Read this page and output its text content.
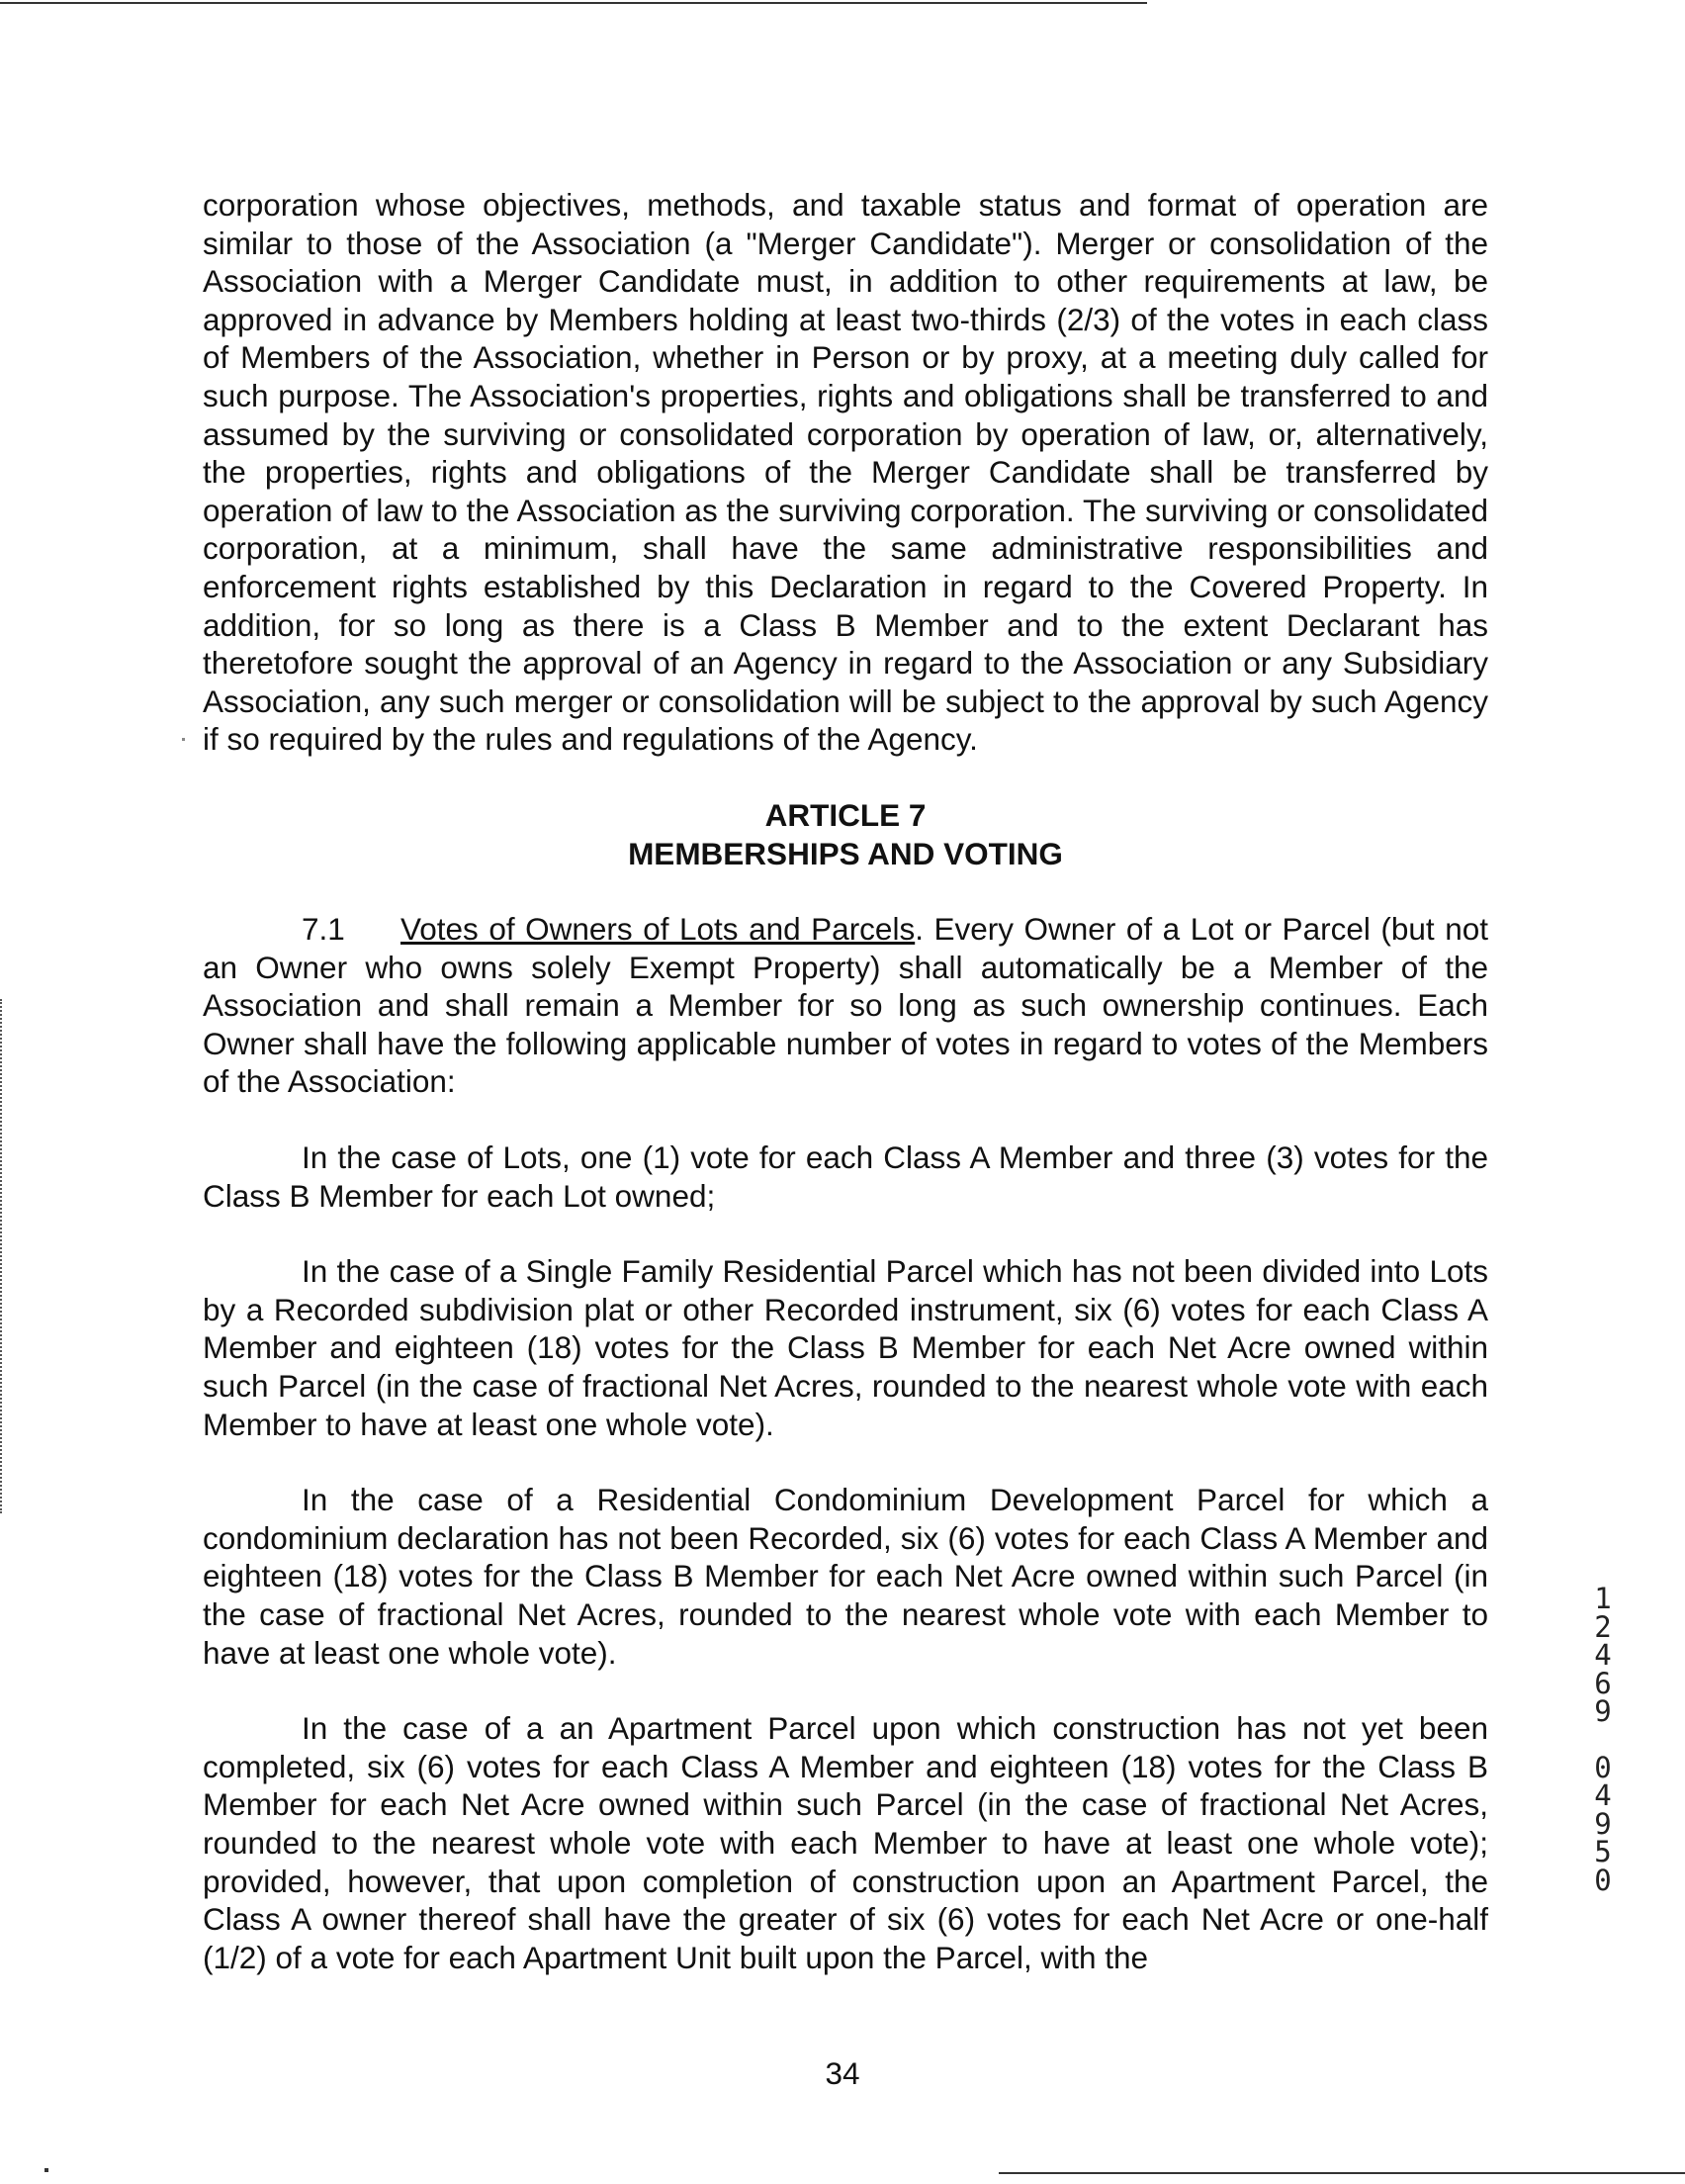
corporation whose objectives, methods, and taxable status and format of operation are similar to those of the Association (a "Merger Candidate"). Merger or consolidation of the Association with a Merger Candidate must, in addition to other requirements at law, be approved in advance by Members holding at least two-thirds (2/3) of the votes in each class of Members of the Association, whether in Person or by proxy, at a meeting duly called for such purpose. The Association's properties, rights and obligations shall be transferred to and assumed by the surviving or consolidated corporation by operation of law, or, alternatively, the properties, rights and obligations of the Merger Candidate shall be transferred by operation of law to the Association as the surviving corporation. The surviving or consolidated corporation, at a minimum, shall have the same administrative responsibilities and enforcement rights established by this Declaration in regard to the Covered Property. In addition, for so long as there is a Class B Member and to the extent Declarant has theretofore sought the approval of an Agency in regard to the Association or any Subsidiary Association, any such merger or consolidation will be subject to the approval by such Agency if so required by the rules and regulations of the Agency.

ARTICLE 7
MEMBERSHIPS AND VOTING

7.1 Votes of Owners of Lots and Parcels. Every Owner of a Lot or Parcel (but not an Owner who owns solely Exempt Property) shall automatically be a Member of the Association and shall remain a Member for so long as such ownership continues. Each Owner shall have the following applicable number of votes in regard to votes of the Members of the Association:

In the case of Lots, one (1) vote for each Class A Member and three (3) votes for the Class B Member for each Lot owned;

In the case of a Single Family Residential Parcel which has not been divided into Lots by a Recorded subdivision plat or other Recorded instrument, six (6) votes for each Class A Member and eighteen (18) votes for the Class B Member for each Net Acre owned within such Parcel (in the case of fractional Net Acres, rounded to the nearest whole vote with each Member to have at least one whole vote).

In the case of a Residential Condominium Development Parcel for which a condominium declaration has not been Recorded, six (6) votes for each Class A Member and eighteen (18) votes for the Class B Member for each Net Acre owned within such Parcel (in the case of fractional Net Acres, rounded to the nearest whole vote with each Member to have at least one whole vote).

In the case of a an Apartment Parcel upon which construction has not yet been completed, six (6) votes for each Class A Member and eighteen (18) votes for the Class B Member for each Net Acre owned within such Parcel (in the case of fractional Net Acres, rounded to the nearest whole vote with each Member to have at least one whole vote); provided, however, that upon completion of construction upon an Apartment Parcel, the Class A owner thereof shall have the greater of six (6) votes for each Net Acre or one-half (1/2) of a vote for each Apartment Unit built upon the Parcel, with the

34
1
2
4
6
9
0
4
9
5
0
